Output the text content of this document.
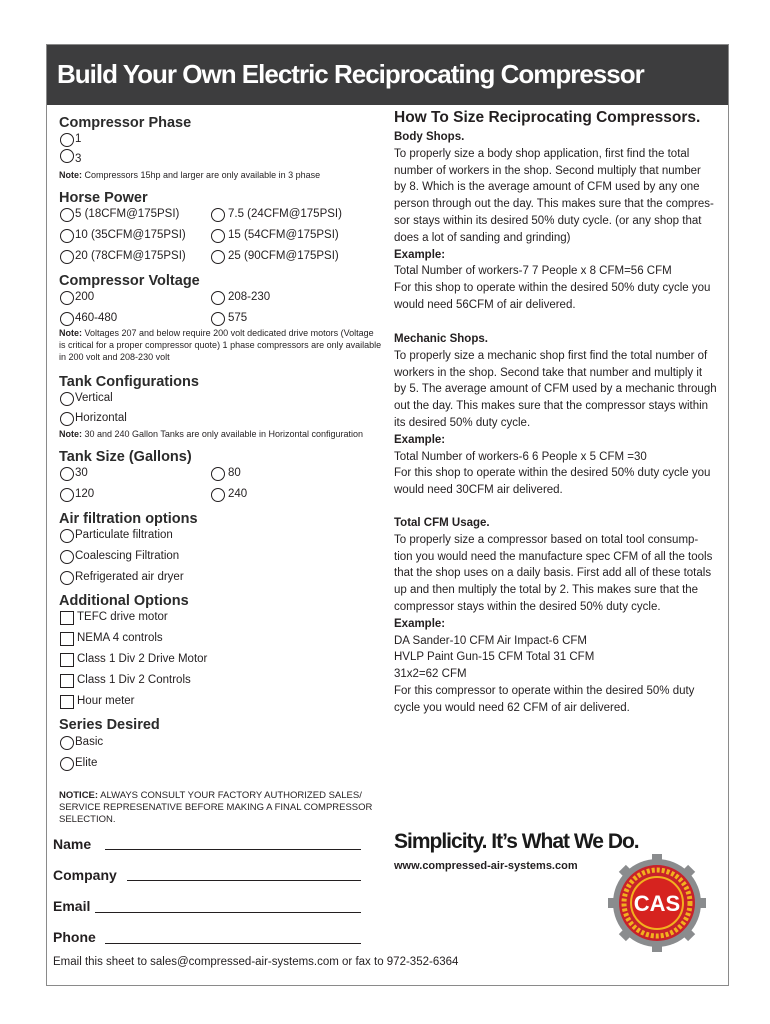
Build Your Own Electric Reciprocating Compressor
Compressor Phase
1
3
Note: Compressors 15hp and larger are only available in 3 phase
Horse Power
5 (18CFM@175PSI)	7.5 (24CFM@175PSI)
10 (35CFM@175PSI)	15 (54CFM@175PSI)
20 (78CFM@175PSI)	25 (90CFM@175PSI)
Compressor Voltage
200	208-230
460-480	575
Note: Voltages 207 and below require 200 volt dedicated drive motors (Voltage
is critical for a proper compressor quote) 1 phase compressors are only available
in 200 volt and 208-230 volt
Tank Configurations
Vertical
Horizontal
Note: 30 and 240 Gallon Tanks are only available in Horizontal configuration
Tank Size (Gallons)
30	80
120	240
Air filtration options
Particulate filtration
Coalescing Filtration
Refrigerated air dryer
Additional Options
TEFC drive motor
NEMA 4 controls
Class 1 Div 2 Drive Motor
Class 1 Div 2 Controls
Hour meter
Series Desired
Basic
Elite
NOTICE: ALWAYS CONSULT YOUR FACTORY AUTHORIZED SALES/
SERVICE REPRESENATIVE BEFORE MAKING A FINAL COMPRESSOR
SELECTION.
Name
Company
Email
Phone
Email this sheet to sales@compressed-air-systems.com or fax to 972-352-6364
How To Size Reciprocating Compressors.
Body Shops.
To properly size a body shop application, first find the total
number of workers in the shop. Second multiply that number
by 8. Which is the average amount of CFM used by any one
person through out the day. This makes sure that the compres-
sor stays within its desired 50% duty cycle. (or any shop that
does a lot of sanding and grinding)
Example:
Total Number of workers-7 7 People x 8 CFM=56 CFM
For this shop to operate within the desired 50% duty cycle you
would need 56CFM of air delivered.
Mechanic Shops.
To properly size a mechanic shop first find the total number of
workers in the shop. Second take that number and multiply it
by 5. The average amount of CFM used by a mechanic through
out the day. This makes sure that the compressor stays within
its desired 50% duty cycle.
Example:
Total Number of workers-6 6 People x 5 CFM =30
For this shop to operate within the desired 50% duty cycle you
would need 30CFM air delivered.
Total CFM Usage.
To properly size a compressor based on total tool consump-
tion you would need the manufacture spec CFM of all the tools
that the shop uses on a daily basis. First add all of these totals
up and then multiply the total by 2. This makes sure that the
compressor stays within the desired 50% duty cycle.
Example:
DA Sander-10 CFM Air Impact-6 CFM
HVLP Paint Gun-15 CFM Total 31 CFM
31x2=62 CFM
For this compressor to operate within the desired 50% duty
cycle you would need 62 CFM of air delivered.
Simplicity. It’s What We Do.
www.compressed-air-systems.com
CAS
